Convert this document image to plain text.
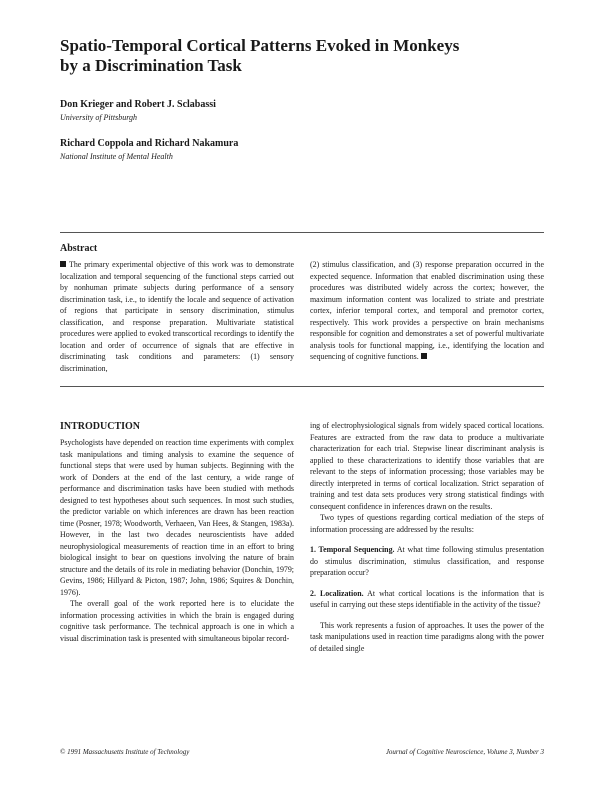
Spatio-Temporal Cortical Patterns Evoked in Monkeys by a Discrimination Task
Don Krieger and Robert J. Sclabassi
University of Pittsburgh
Richard Coppola and Richard Nakamura
National Institute of Mental Health
Abstract

The primary experimental objective of this work was to demonstrate localization and temporal sequencing of the functional steps carried out by nonhuman primate subjects during performance of a sensory discrimination task, i.e., to identify the locale and sequence of activation of regions that participate in sensory discrimination, stimulus classification, and response preparation. Multivariate statistical procedures were applied to evoked transcortical recordings to identify the location and order of occurrence of signals that are effective in discriminating task conditions and parameters: (1) sensory discrimination,

(2) stimulus classification, and (3) response preparation occurred in the expected sequence. Information that enabled discrimination using these procedures was distributed widely across the cortex; however, the maximum information content was localized to striate and prestriate cortex, inferior temporal cortex, and temporal and premotor cortex, respectively. This work provides a perspective on brain mechanisms responsible for cognition and demonstrates a set of powerful multivariate analysis tools for functional mapping, i.e., identifying the location and sequencing of cognitive functions.

INTRODUCTION

Psychologists have depended on reaction time experiments with complex task manipulations and timing analysis to examine the sequence of functional steps that were used by human subjects. Beginning with the work of Donders at the end of the last century, a wide range of performance and discrimination tasks have been studied with methods designed to test hypotheses about such sequences. In most such studies, the predictor variable on which inferences are drawn has been reaction time (Posner, 1978; Woodworth, Verhaeen, Van Hees, & Stangen, 1983a). However, in the last two decades neuroscientists have added neurophysiological measurements of reaction time in an effort to bring biological insight to bear on questions involving the nature of brain structure and the details of its role in mediating behavior (Donchin, 1979; Gevins, 1986; Hillyard & Picton, 1987; John, 1986; Squires & Donchin, 1976).

The overall goal of the work reported here is to elucidate the information processing activities in which the brain is engaged during cognitive task performance. The technical approach is one in which a visual discrimination task is presented with simultaneous bipolar record-

ing of electrophysiological signals from widely spaced cortical locations. Features are extracted from the raw data to produce a multivariate characterization for each trial. Stepwise linear discriminant analysis is applied to these characterizations to identify those variables that are relevant to the steps of information processing; those variables may be directly interpreted in terms of cortical localization. Strict separation of training and test data sets produces very strong statistical findings with consequent confidence in inferences drawn on the results.

Two types of questions regarding cortical mediation of the steps of information processing are addressed by the results:

1. Temporal Sequencing. At what time following stimulus presentation do stimulus discrimination, stimulus classification, and response preparation occur?

2. Localization. At what cortical locations is the information that is useful in carrying out these steps identifiable in the activity of the tissue?

This work represents a fusion of approaches. It uses the power of the task manipulations used in reaction time paradigms along with the power of detailed single

© 1991 Massachusetts Institute of Technology	Journal of Cognitive Neuroscience, Volume 3, Number 3
